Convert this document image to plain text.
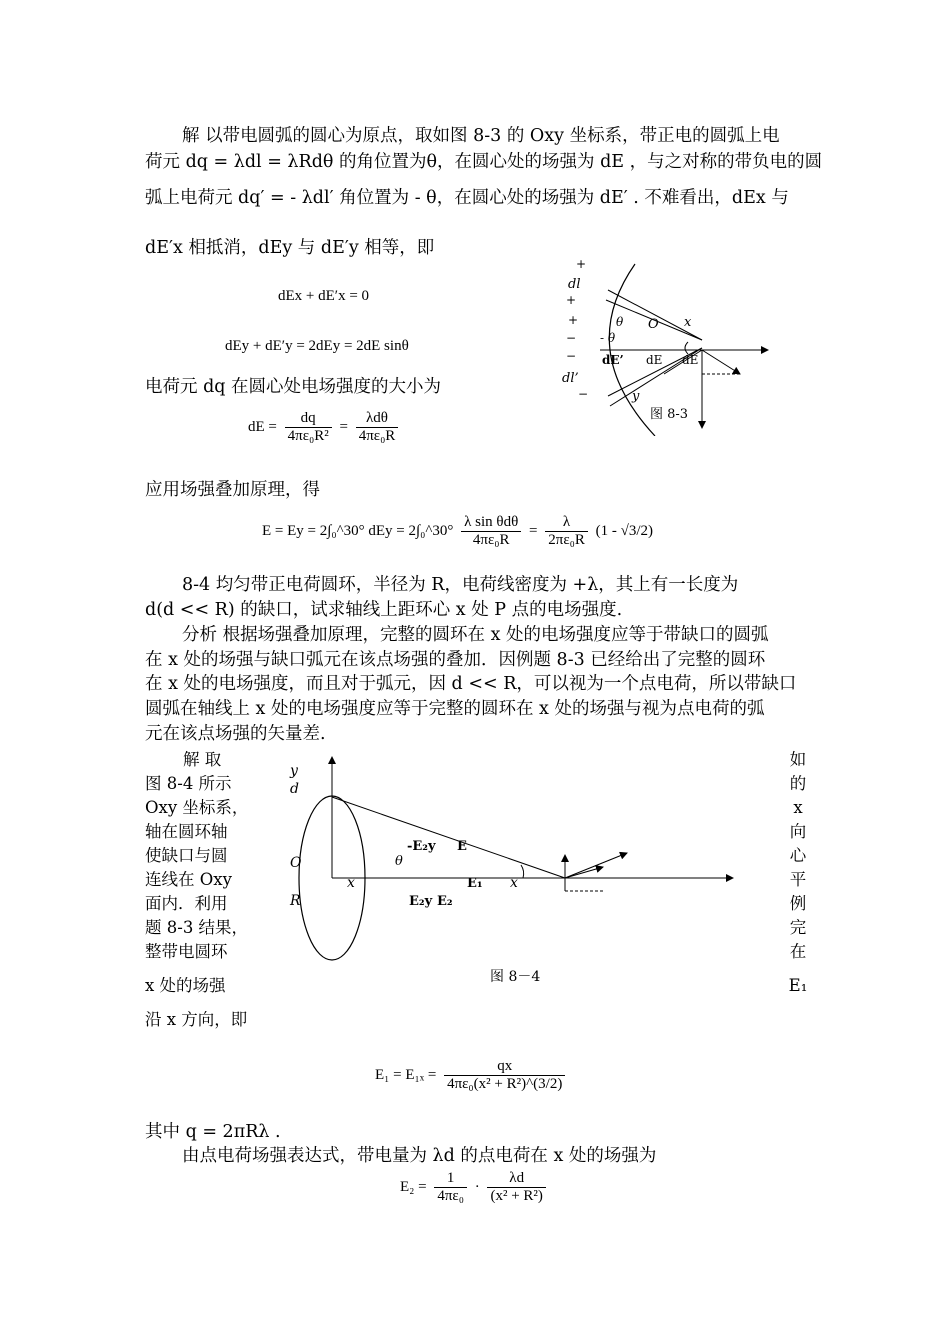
解 以带电圆弧的圆心为原点，取如图 8-3 的 Oxy 坐标系，带正电的圆弧上电
荷元 dq = λdl = λRdθ 的角位置为θ，在圆心处的场强为 dE ，与之对称的带负电的圆
弧上电荷元 dq′ = - λdl′ 角位置为 - θ，在圆心处的场强为 dE′ . 不难看出，dEx 与
dE′x 相抵消，dEy 与 dE′y 相等，即
dEx + dE′x = 0
dEy + dE′y = 2dEy = 2dE sinθ
电荷元 dq 在圆心处电场强度的大小为
dE = $\frac{dq}{\text{4πε₀R²}} = \frac{\text{λdθ}}{\text{4πε₀R}}$
应用场强叠加原理，得
E = Ey = 2∫₀^30° dEy = 2∫₀^30° $\frac{\text{λ sin θdθ}}{\text{4πε₀R}} = \frac{\lambda}{\text{2πε₀R}} (1 - √3/2)$
+
dl
+
+
−
−
dl’
−
θ
- θ
O x
dE’ dE dE
y
图 8-3
8-4 均匀带正电荷圆环，半径为 R，电荷线密度为 +λ，其上有一长度为
d(d << R) 的缺口，试求轴线上距环心 x 处 P 点的电场强度.
分析 根据场强叠加原理，完整的圆环在 x 处的电场强度应等于带缺口的圆弧
在 x 处的场强与缺口弧元在该点场强的叠加．因例题 8-3 已经给出了完整的圆环
在 x 处的电场强度，而且对于弧元，因 d << R，可以视为一个点电荷，所以带缺口
圆弧在轴线上 x 处的电场强度应等于完整的圆环在 x 处的场强与视为点电荷的弧
元在该点场强的矢量差.
解 取
图 8-4 所示
Oxy 坐标系，
轴在圆环轴
使缺口与圆
连线在 Oxy
面内．利用
题 8-3 结果，
整带电圆环
x 处的场强
沿 x 方向，即
如
的
x
向
心
平
例
完
在
E₁
y
d
O
R
x	x
θ
-E₂y E
E₁
E₂y E₂
图 8－4
$E_1 = E_{1x} = \frac{qx}{\text{4πε₀(x² + R²)\textasciicircum{}(3/2)}}$
其中 q = 2πRλ .
由点电荷场强表达式，带电量为 λd 的点电荷在 x 处的场强为
$E_2 = \frac{1}{\text{4πε₀}} \cdot \frac{\lambda d}{\text{(x² + R²)}}$
